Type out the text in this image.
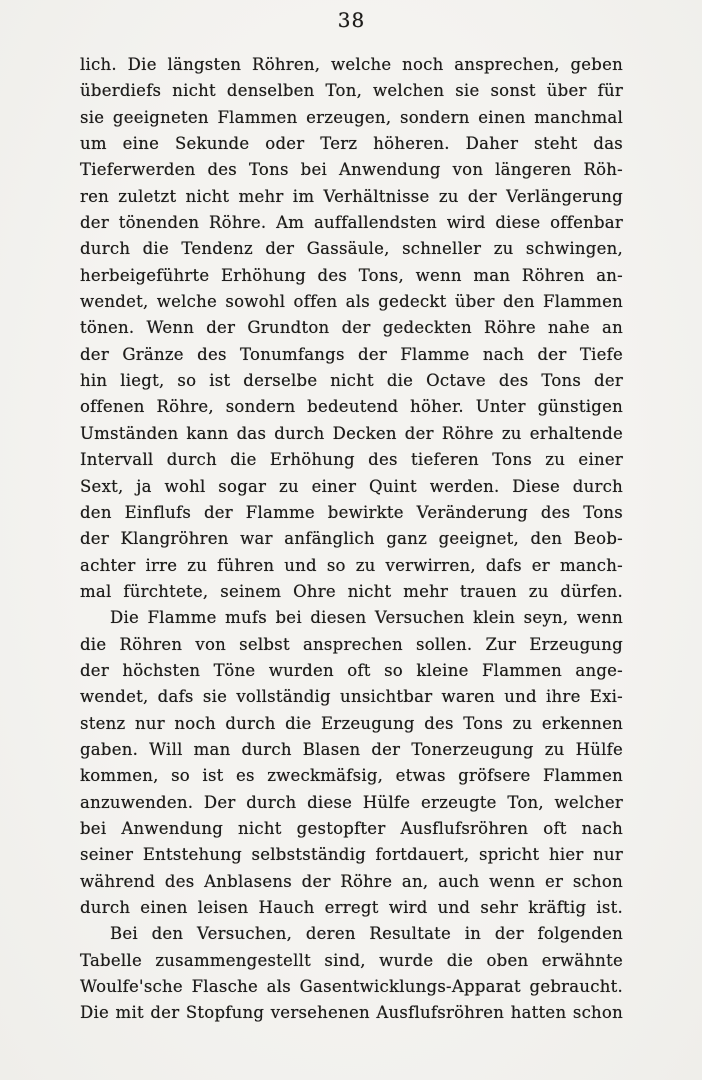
38
lich. Die längsten Röhren, welche noch ansprechen, geben
überdiefs nicht denselben Ton, welchen sie sonst über für
sie geeigneten Flammen erzeugen, sondern einen manchmal
um eine Sekunde oder Terz höheren. Daher steht das
Tieferwerden des Tons bei Anwendung von längeren Röh-
ren zuletzt nicht mehr im Verhältnisse zu der Verlängerung
der tönenden Röhre. Am auffallendsten wird diese offenbar
durch die Tendenz der Gassäule, schneller zu schwingen,
herbeigeführte Erhöhung des Tons, wenn man Röhren an-
wendet, welche sowohl offen als gedeckt über den Flammen
tönen. Wenn der Grundton der gedeckten Röhre nahe an
der Gränze des Tonumfangs der Flamme nach der Tiefe
hin liegt, so ist derselbe nicht die Octave des Tons der
offenen Röhre, sondern bedeutend höher. Unter günstigen
Umständen kann das durch Decken der Röhre zu erhaltende
Intervall durch die Erhöhung des tieferen Tons zu einer
Sext, ja wohl sogar zu einer Quint werden. Diese durch
den Einflufs der Flamme bewirkte Veränderung des Tons
der Klangröhren war anfänglich ganz geeignet, den Beob-
achter irre zu führen und so zu verwirren, dafs er manch-
mal fürchtete, seinem Ohre nicht mehr trauen zu dürfen.
Die Flamme mufs bei diesen Versuchen klein seyn, wenn
die Röhren von selbst ansprechen sollen. Zur Erzeugung
der höchsten Töne wurden oft so kleine Flammen ange-
wendet, dafs sie vollständig unsichtbar waren und ihre Exi-
stenz nur noch durch die Erzeugung des Tons zu erkennen
gaben. Will man durch Blasen der Tonerzeugung zu Hülfe
kommen, so ist es zweckmäfsig, etwas gröfsere Flammen
anzuwenden. Der durch diese Hülfe erzeugte Ton, welcher
bei Anwendung nicht gestopfter Ausflufsröhren oft nach
seiner Entstehung selbstständig fortdauert, spricht hier nur
während des Anblasens der Röhre an, auch wenn er schon
durch einen leisen Hauch erregt wird und sehr kräftig ist.
Bei den Versuchen, deren Resultate in der folgenden
Tabelle zusammengestellt sind, wurde die oben erwähnte
Woulfe'sche Flasche als Gasentwicklungs-Apparat gebraucht.
Die mit der Stopfung versehenen Ausflufsröhren hatten schon
